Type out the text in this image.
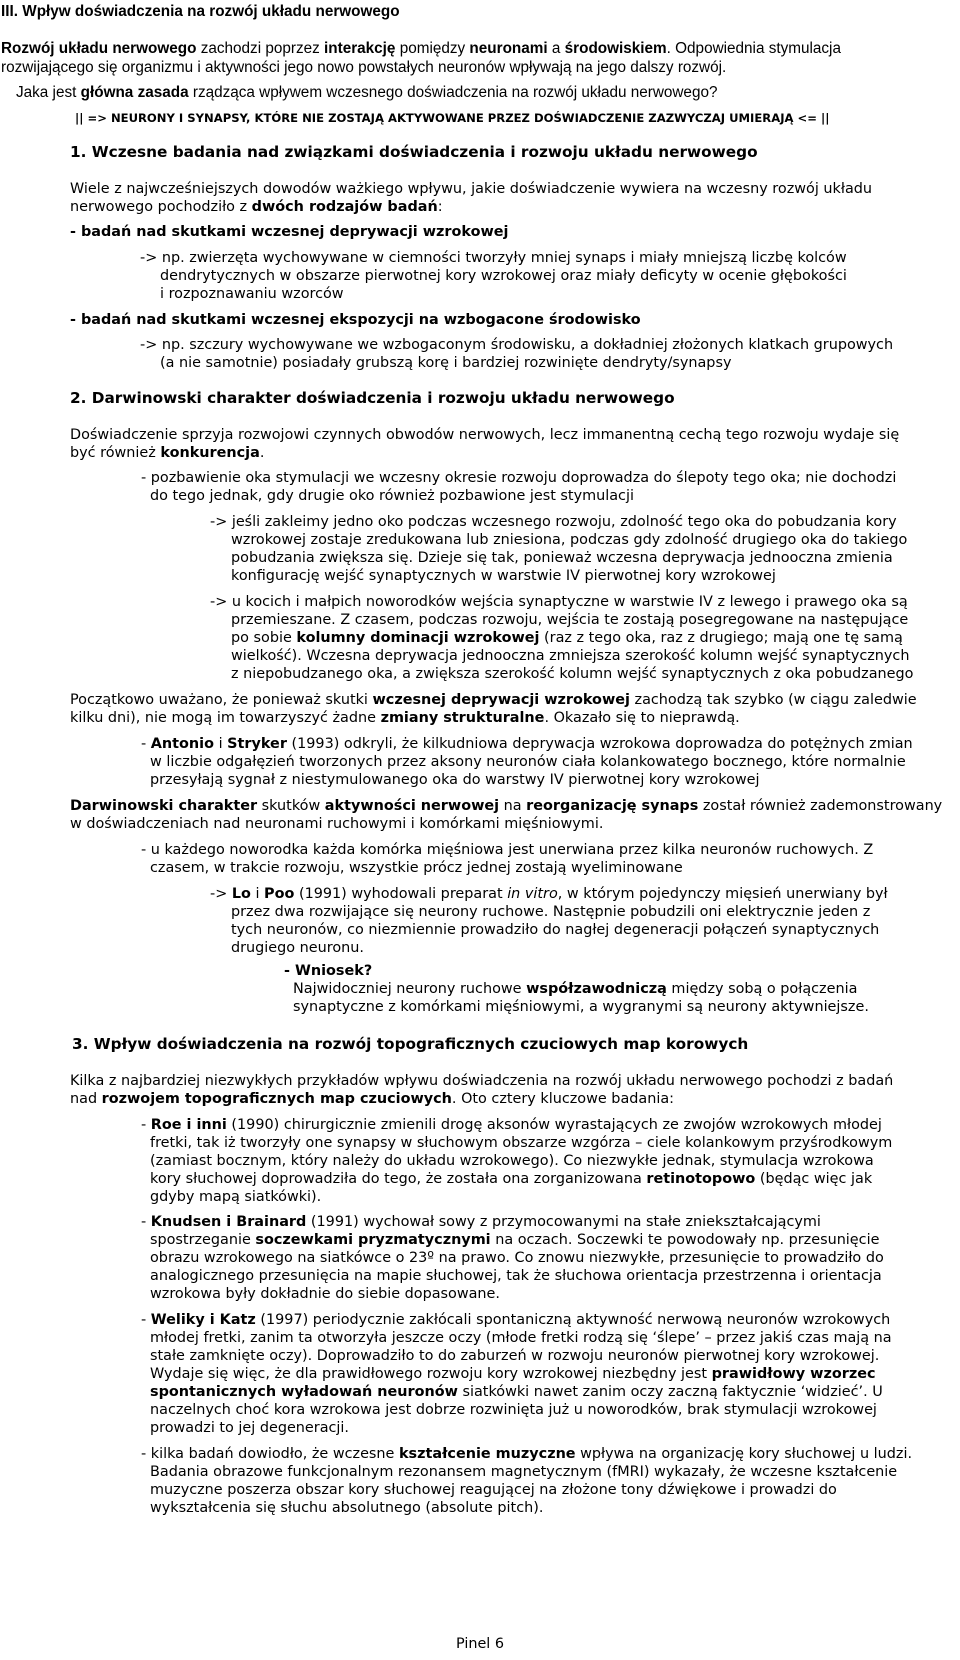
III. Wpływ doświadczenia na rozwój układu nerwowego
Rozwój układu nerwowego zachodzi poprzez interakcję pomiędzy neuronami a środowiskiem. Odpowiednia stymulacja
rozwijającego się organizmu i aktywności jego nowo powstałych neuronów wpływają na jego dalszy rozwój.
Jaka jest główna zasada rządząca wpływem wczesnego doświadczenia na rozwój układu nerwowego?
|| => NEURONY I SYNAPSY, KTÓRE NIE ZOSTAJĄ AKTYWOWANE PRZEZ DOŚWIADCZENIE ZAZWYCZAJ UMIERAJĄ <= ||
1. Wczesne badania nad związkami doświadczenia i rozwoju układu nerwowego
Wiele z najwcześniejszych dowodów ważkiego wpływu, jakie doświadczenie wywiera na wczesny rozwój układu
nerwowego pochodziło z dwóch rodzajów badań:
- badań nad skutkami wczesnej deprywacji wzrokowej
-> np. zwierzęta wychowywane w ciemności tworzyły mniej synaps i miały mniejszą liczbę kolców
dendrytycznych w obszarze pierwotnej kory wzrokowej oraz miały deficyty w ocenie głębokości
i rozpoznawaniu wzorców
- badań nad skutkami wczesnej ekspozycji na wzbogacone środowisko
-> np. szczury wychowywane we wzbogaconym środowisku, a dokładniej złożonych klatkach grupowych
(a nie samotnie) posiadały grubszą korę i bardziej rozwinięte dendryty/synapsy
2. Darwinowski charakter doświadczenia i rozwoju układu nerwowego
Doświadczenie sprzyja rozwojowi czynnych obwodów nerwowych, lecz immanentną cechą tego rozwoju wydaje się
być również konkurencja.
- pozbawienie oka stymulacji we wczesny okresie rozwoju doprowadza do ślepoty tego oka; nie dochodzi
do tego jednak, gdy drugie oko również pozbawione jest stymulacji
-> jeśli zakleimy jedno oko podczas wczesnego rozwoju, zdolność tego oka do pobudzania kory
wzrokowej zostaje zredukowana lub zniesiona, podczas gdy zdolność drugiego oka do takiego
pobudzania zwiększa się. Dzieje się tak, ponieważ wczesna deprywacja jednooczna zmienia
konfigurację wejść synaptycznych w warstwie IV pierwotnej kory wzrokowej
-> u kocich i małpich noworodków wejścia synaptyczne w warstwie IV z lewego i prawego oka są
przemieszane. Z czasem, podczas rozwoju, wejścia te zostają posegregowane na następujące
po sobie kolumny dominacji wzrokowej (raz z tego oka, raz z drugiego; mają one tę samą
wielkość). Wczesna deprywacja jednooczna zmniejsza szerokość kolumn wejść synaptycznych
z niepobudzanego oka, a zwiększa szerokość kolumn wejść synaptycznych z oka pobudzanego
Początkowo uważano, że ponieważ skutki wczesnej deprywacji wzrokowej zachodzą tak szybko (w ciągu zaledwie
kilku dni), nie mogą im towarzyszyć żadne zmiany strukturalne. Okazało się to nieprawdą.
- Antonio i Stryker (1993) odkryli, że kilkudniowa deprywacja wzrokowa doprowadza do potężnych zmian
w liczbie odgałęzień tworzonych przez aksony neuronów ciała kolankowatego bocznego, które normalnie
przesyłają sygnał z niestymulowanego oka do warstwy IV pierwotnej kory wzrokowej
Darwinowski charakter skutków aktywności nerwowej na reorganizację synaps został również zademonstrowany
w doświadczeniach nad neuronami ruchowymi i komórkami mięśniowymi.
- u każdego noworodka każda komórka mięśniowa jest unerwiana przez kilka neuronów ruchowych. Z
czasem, w trakcie rozwoju, wszystkie prócz jednej zostają wyeliminowane
-> Lo i Poo (1991) wyhodowali preparat in vitro, w którym pojedynczy mięsień unerwiany był
przez dwa rozwijające się neurony ruchowe. Następnie pobudzili oni elektrycznie jeden z
tych neuronów, co niezmiennie prowadziło do nagłej degeneracji połączeń synaptycznych
drugiego neuronu.
- Wniosek?
Najwidoczniej neurony ruchowe współzawodniczą między sobą o połączenia
synaptyczne z komórkami mięśniowymi, a wygranymi są neurony aktywniejsze.
3. Wpływ doświadczenia na rozwój topograficznych czuciowych map korowych
Kilka z najbardziej niezwykłych przykładów wpływu doświadczenia na rozwój układu nerwowego pochodzi z badań
nad rozwojem topograficznych map czuciowych. Oto cztery kluczowe badania:
- Roe i inni (1990) chirurgicznie zmienili drogę aksonów wyrastających ze zwojów wzrokowych młodej
fretki, tak iż tworzyły one synapsy w słuchowym obszarze wzgórza – ciele kolankowym przyśrodkowym
(zamiast bocznym, który należy do układu wzrokowego). Co niezwykłe jednak, stymulacja wzrokowa
kory słuchowej doprowadziła do tego, że została ona zorganizowana retinotopowo (będąc więc jak
gdyby mapą siatkówki).
- Knudsen i Brainard (1991) wychował sowy z przymocowanymi na stałe zniekształcającymi
spostrzeganie soczewkami pryzmatycznymi na oczach. Soczewki te powodowały np. przesunięcie
obrazu wzrokowego na siatkówce o 23º na prawo. Co znowu niezwykłe, przesunięcie to prowadziło do
analogicznego przesunięcia na mapie słuchowej, tak że słuchowa orientacja przestrzenna i orientacja
wzrokowa były dokładnie do siebie dopasowane.
- Weliky i Katz (1997) periodycznie zakłócali spontaniczną aktywność nerwową neuronów wzrokowych
młodej fretki, zanim ta otworzyła jeszcze oczy (młode fretki rodzą się ‘ślepe’ – przez jakiś czas mają na
stałe zamknięte oczy). Doprowadziło to do zaburzeń w rozwoju neuronów pierwotnej kory wzrokowej.
Wydaje się więc, że dla prawidłowego rozwoju kory wzrokowej niezbędny jest prawidłowy wzorzec
spontanicznych wyładowań neuronów siatkówki nawet zanim oczy zaczną faktycznie ‘widzieć’. U
naczelnych choć kora wzrokowa jest dobrze rozwinięta już u noworodków, brak stymulacji wzrokowej
prowadzi to jej degeneracji.
- kilka badań dowiodło, że wczesne kształcenie muzyczne wpływa na organizację kory słuchowej u ludzi.
Badania obrazowe funkcjonalnym rezonansem magnetycznym (fMRI) wykazały, że wczesne kształcenie
muzyczne poszerza obszar kory słuchowej reagującej na złożone tony dźwiękowe i prowadzi do
wykształcenia się słuchu absolutnego (absolute pitch).
Pinel 6
